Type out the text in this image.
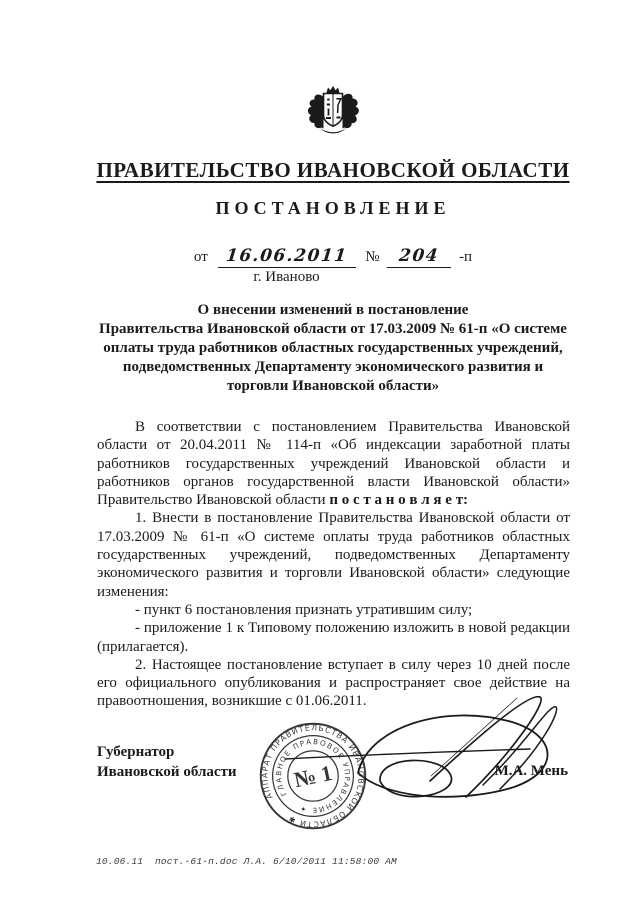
ПРАВИТЕЛЬСТВО ИВАНОВСКОЙ ОБЛАСТИ
ПОСТАНОВЛЕНИЕ
от 16.06.2011
г. Иваново
№ 204 -п
О внесении изменений в постановление
Правительства Ивановской области от 17.03.2009 № 61-п «О системе
оплаты труда работников областных государственных учреждений,
подведомственных Департаменту экономического развития и
торговли Ивановской области»

В соответствии с постановлением Правительства Ивановской области от 20.04.2011 № 114-п «Об индексации заработной платы работников государственных учреждений Ивановской области и работников органов государственной власти Ивановской области» Правительство Ивановской области п о с т а н о в л я е т:

1. Внести в постановление Правительства Ивановской области от 17.03.2009 № 61-п «О системе оплаты труда работников областных государственных учреждений, подведомственных Департаменту экономического развития и торговли Ивановской области» следующие изменения:

- пункт 6 постановления признать утратившим силу;

- приложение 1 к Типовому положению изложить в новой редакции (прилагается).

2. Настоящее постановление вступает в силу через 10 дней после его официального опубликования и распространяет свое действие на правоотношения, возникшие с 01.06.2011.

Губернатор
Ивановской области	М.А. Мень
АППАРАТ ПРАВИТЕЛЬСТВА ИВАНОВСКОЙ ОБЛАСТИ ✱
ГЛАВНОЕ ПРАВОВОЕ УПРАВЛЕНИЕ ✦
№ 1
10.06.11  пост.-61-п.doc Л.А. 6/10/2011 11:58:00 AM
